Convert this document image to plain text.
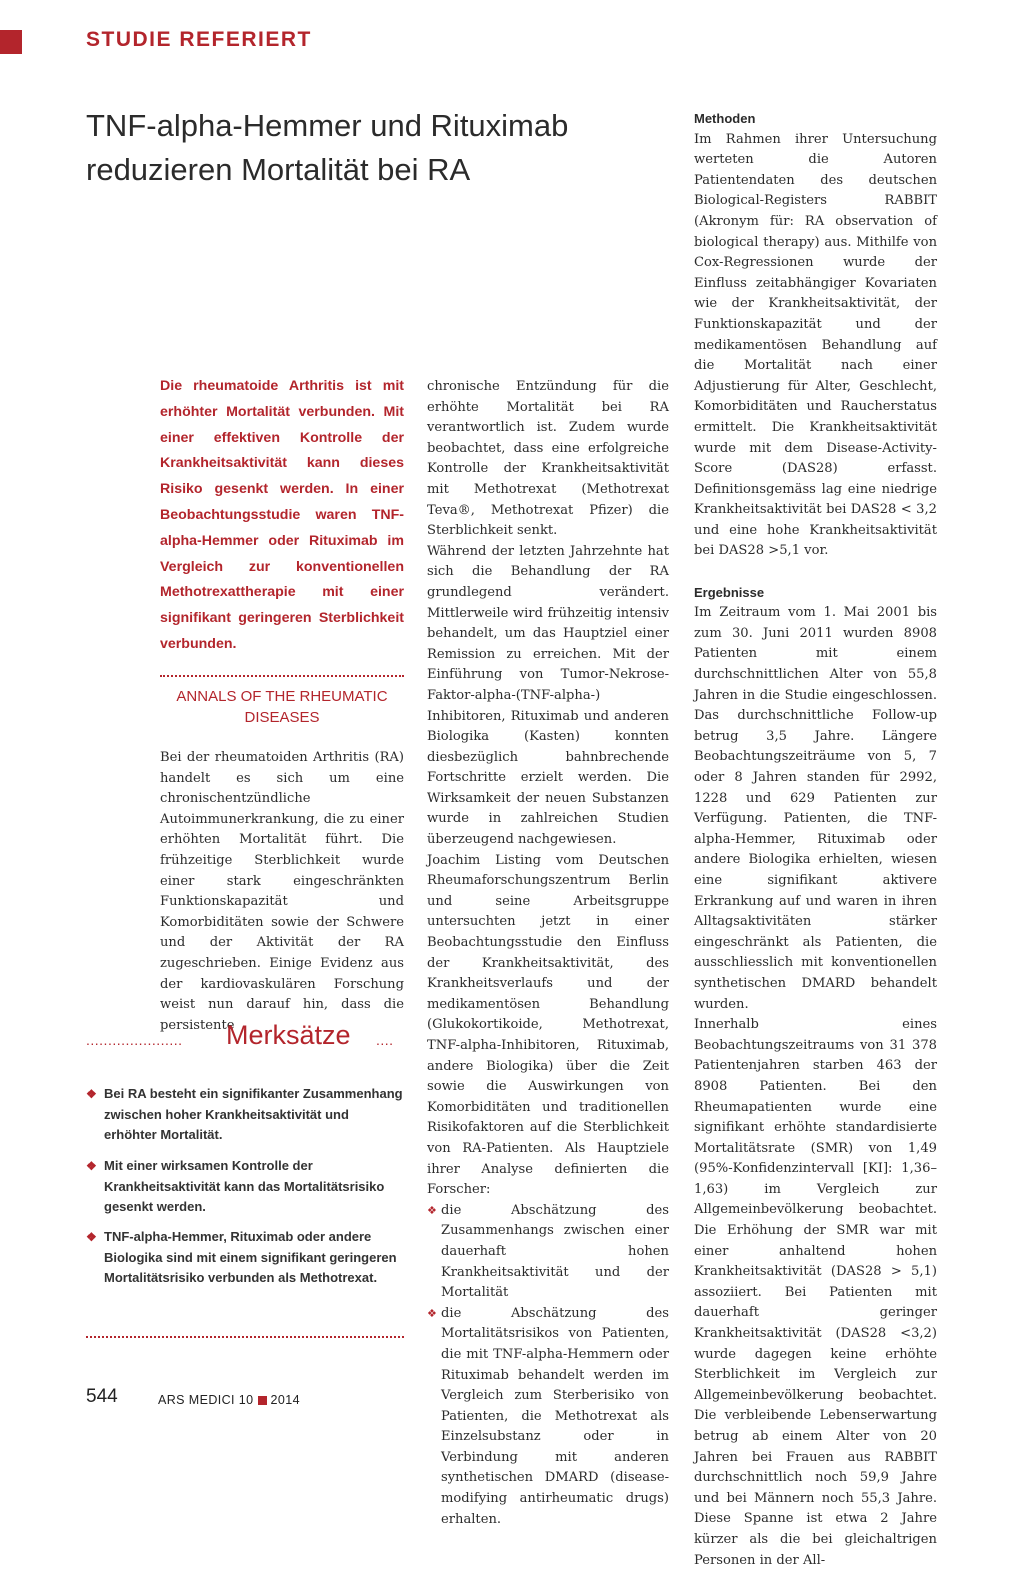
STUDIE REFERIERT
TNF-alpha-Hemmer und Rituximab reduzieren Mortalität bei RA
Die rheumatoide Arthritis ist mit erhöhter Mortalität verbunden. Mit einer effektiven Kontrolle der Krankheitsaktivität kann dieses Risiko gesenkt werden. In einer Beobachtungsstudie waren TNF-alpha-Hemmer oder Rituximab im Vergleich zur konventionellen Methotrexattherapie mit einer signifikant geringeren Sterblichkeit verbunden.
ANNALS OF THE RHEUMATIC DISEASES

Bei der rheumatoiden Arthritis (RA) handelt es sich um eine chronischentzündliche Autoimmunerkrankung, die zu einer erhöhten Mortalität führt. Die frühzeitige Sterblichkeit wurde einer stark eingeschränkten Funktionskapazität und Komorbiditäten sowie der Schwere und der Aktivität der RA zugeschrieben. Einige Evidenz aus der kardiovaskulären Forschung weist nun darauf hin, dass die persistente

...................... Merksätze ....
❖ Bei RA besteht ein signifikanter Zusammenhang zwischen hoher Krankheitsaktivität und erhöhter Mortalität.
❖ Mit einer wirksamen Kontrolle der Krankheitsaktivität kann das Mortalitätsrisiko gesenkt werden.
❖ TNF-alpha-Hemmer, Rituximab oder andere Biologika sind mit einem signifikant geringeren Mortalitätsrisiko verbunden als Methotrexat.

chronische Entzündung für die erhöhte Mortalität bei RA verantwortlich ist. Zudem wurde beobachtet, dass eine erfolgreiche Kontrolle der Krankheitsaktivität mit Methotrexat (Methotrexat Teva®, Methotrexat Pfizer) die Sterblichkeit senkt.

Während der letzten Jahrzehnte hat sich die Behandlung der RA grundlegend verändert. Mittlerweile wird frühzeitig intensiv behandelt, um das Hauptziel einer Remission zu erreichen. Mit der Einführung von Tumor-Nekrose-Faktor-alpha-(TNF-alpha-) Inhibitoren, Rituximab und anderen Biologika (Kasten) konnten diesbezüglich bahnbrechende Fortschritte erzielt werden. Die Wirksamkeit der neuen Substanzen wurde in zahlreichen Studien überzeugend nachgewiesen.

Joachim Listing vom Deutschen Rheumaforschungszentrum Berlin und seine Arbeitsgruppe untersuchten jetzt in einer Beobachtungsstudie den Einfluss der Krankheitsaktivität, des Krankheitsverlaufs und der medikamentösen Behandlung (Glukokortikoide, Methotrexat, TNF-alpha-Inhibitoren, Rituximab, andere Biologika) über die Zeit sowie die Auswirkungen von Komorbiditäten und traditionellen Risikofaktoren auf die Sterblichkeit von RA-Patienten. Als Hauptziele ihrer Analyse definierten die Forscher:

❖ die Abschätzung des Zusammenhangs zwischen einer dauerhaft hohen Krankheitsaktivität und der Mortalität
❖ die Abschätzung des Mortalitätsrisikos von Patienten, die mit TNF-alpha-Hemmern oder Rituximab behandelt werden im Vergleich zum Sterberisiko von Patienten, die Methotrexat als Einzelsubstanz oder in Verbindung mit anderen synthetischen DMARD (disease-modifying antirheumatic drugs) erhalten.
Methoden

Im Rahmen ihrer Untersuchung werteten die Autoren Patientendaten des deutschen Biological-Registers RABBIT (Akronym für: RA observation of biological therapy) aus. Mithilfe von Cox-Regressionen wurde der Einfluss zeitabhängiger Kovariaten wie der Krankheitsaktivität, der Funktionskapazität und der medikamentösen Behandlung auf die Mortalität nach einer Adjustierung für Alter, Geschlecht, Komorbiditäten und Raucherstatus ermittelt. Die Krankheitsaktivität wurde mit dem Disease-Activity-Score (DAS28) erfasst. Definitionsgemäss lag eine niedrige Krankheitsaktivität bei DAS28 < 3,2 und eine hohe Krankheitsaktivität bei DAS28 >5,1 vor.

Ergebnisse

Im Zeitraum vom 1. Mai 2001 bis zum 30. Juni 2011 wurden 8908 Patienten mit einem durchschnittlichen Alter von 55,8 Jahren in die Studie eingeschlossen. Das durchschnittliche Follow-up betrug 3,5 Jahre. Längere Beobachtungszeiträume von 5, 7 oder 8 Jahren standen für 2992, 1228 und 629 Patienten zur Verfügung. Patienten, die TNF-alpha-Hemmer, Rituximab oder andere Biologika erhielten, wiesen eine signifikant aktivere Erkrankung auf und waren in ihren Alltagsaktivitäten stärker eingeschränkt als Patienten, die ausschliesslich mit konventionellen synthetischen DMARD behandelt wurden.

Innerhalb eines Beobachtungszeitraums von 31 378 Patientenjahren starben 463 der 8908 Patienten. Bei den Rheumapatienten wurde eine signifikant erhöhte standardisierte Mortalitätsrate (SMR) von 1,49 (95%-Konfidenzintervall [KI]: 1,36–1,63) im Vergleich zur Allgemeinbevölkerung beobachtet. Die Erhöhung der SMR war mit einer anhaltend hohen Krankheitsaktivität (DAS28 > 5,1) assoziiert. Bei Patienten mit dauerhaft geringer Krankheitsaktivität (DAS28 <3,2) wurde dagegen keine erhöhte Sterblichkeit im Vergleich zur Allgemeinbevölkerung beobachtet. Die verbleibende Lebenserwartung betrug ab einem Alter von 20 Jahren bei Frauen aus RABBIT durchschnittlich noch 59,9 Jahre und bei Männern noch 55,3 Jahre. Diese Spanne ist etwa 2 Jahre kürzer als die bei gleichaltrigen Personen in der All-

544	ARS MEDICI 10 2014
